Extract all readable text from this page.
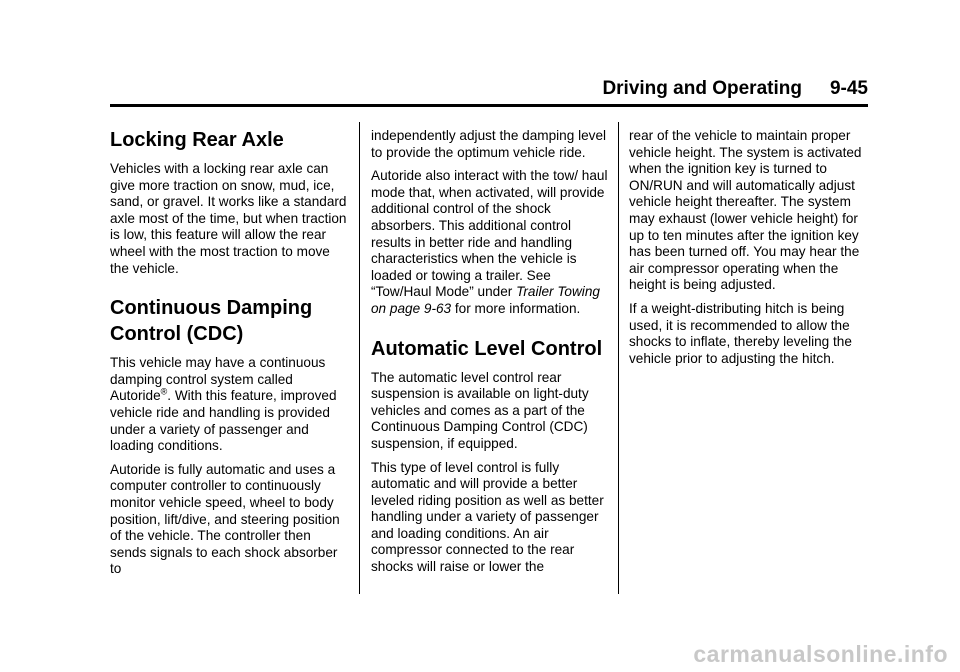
Driving and Operating 9-45
Locking Rear Axle

Vehicles with a locking rear axle can give more traction on snow, mud, ice, sand, or gravel. It works like a standard axle most of the time, but when traction is low, this feature will allow the rear wheel with the most traction to move the vehicle.

Continuous Damping Control (CDC)

This vehicle may have a continuous damping control system called Autoride®. With this feature, improved vehicle ride and handling is provided under a variety of passenger and loading conditions.

Autoride is fully automatic and uses a computer controller to continuously monitor vehicle speed, wheel to body position, lift/dive, and steering position of the vehicle. The controller then sends signals to each shock absorber to

independently adjust the damping level to provide the optimum vehicle ride.

Autoride also interact with the tow/ haul mode that, when activated, will provide additional control of the shock absorbers. This additional control results in better ride and handling characteristics when the vehicle is loaded or towing a trailer. See “Tow/Haul Mode” under Trailer Towing on page 9-63 for more information.

Automatic Level Control

The automatic level control rear suspension is available on light-duty vehicles and comes as a part of the Continuous Damping Control (CDC) suspension, if equipped.

This type of level control is fully automatic and will provide a better leveled riding position as well as better handling under a variety of passenger and loading conditions. An air compressor connected to the rear shocks will raise or lower the

rear of the vehicle to maintain proper vehicle height. The system is activated when the ignition key is turned to ON/RUN and will automatically adjust vehicle height thereafter. The system may exhaust (lower vehicle height) for up to ten minutes after the ignition key has been turned off. You may hear the air compressor operating when the height is being adjusted.

If a weight-distributing hitch is being used, it is recommended to allow the shocks to inflate, thereby leveling the vehicle prior to adjusting the hitch.

carmanualsonline.info
